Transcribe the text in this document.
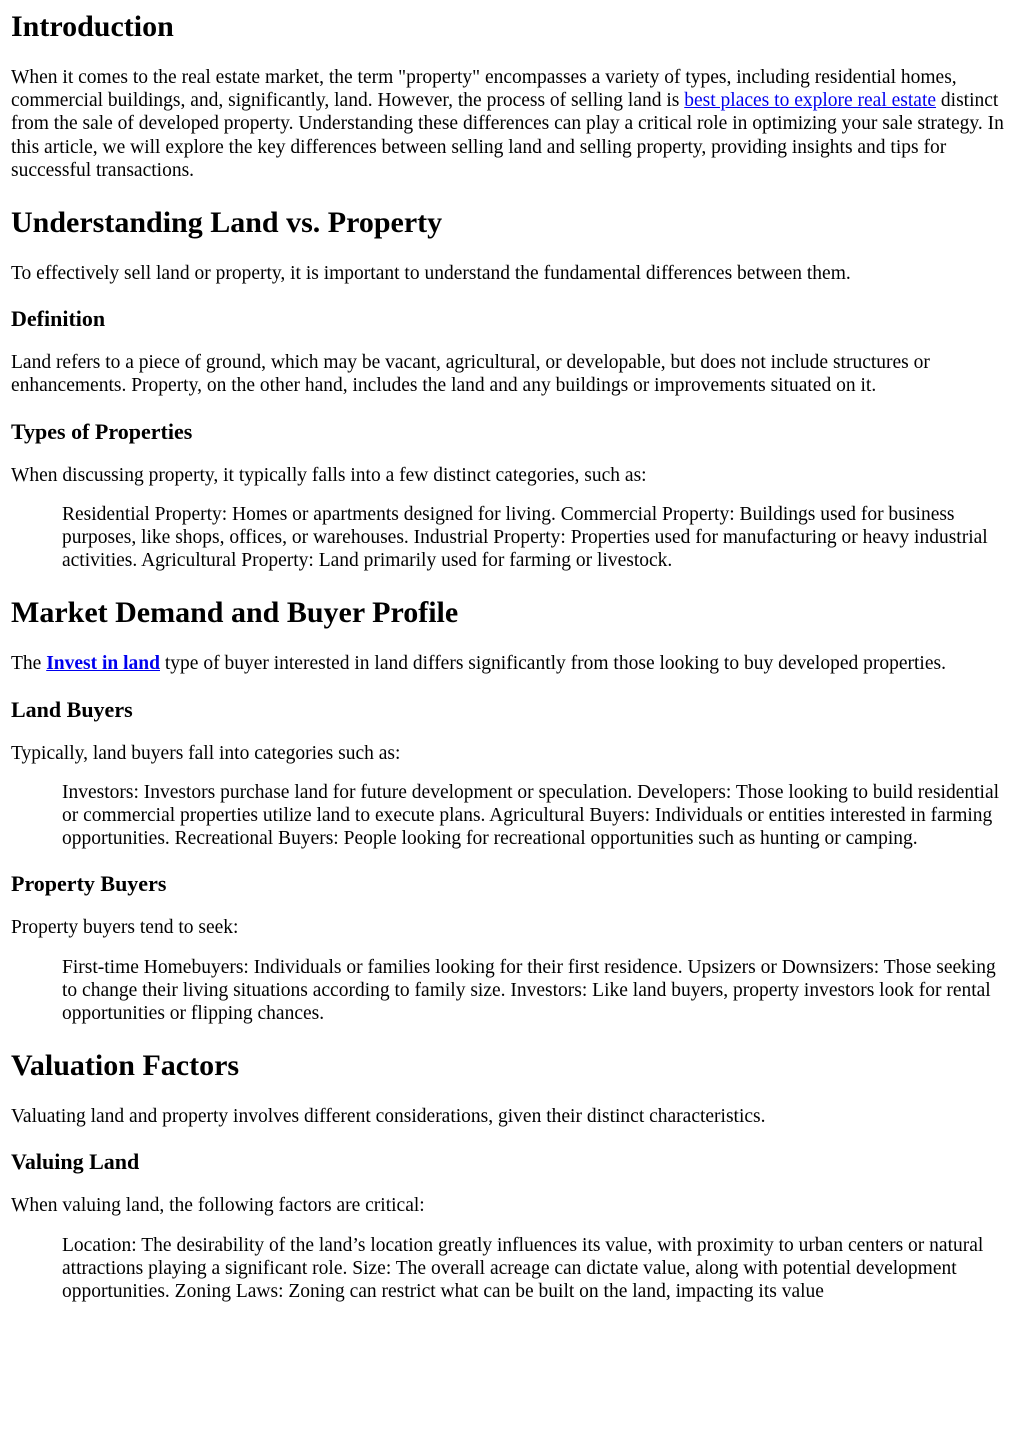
Introduction

When it comes to the real estate market, the term "property" encompasses a variety of types, including residential homes, commercial buildings, and, significantly, land. However, the process of selling land is best places to explore real estate distinct from the sale of developed property. Understanding these differences can play a critical role in optimizing your sale strategy. In this article, we will explore the key differences between selling land and selling property, providing insights and tips for successful transactions.

Understanding Land vs. Property

To effectively sell land or property, it is important to understand the fundamental differences between them.

Definition

Land refers to a piece of ground, which may be vacant, agricultural, or developable, but does not include structures or enhancements. Property, on the other hand, includes the land and any buildings or improvements situated on it.

Types of Properties

When discussing property, it typically falls into a few distinct categories, such as:

Residential Property: Homes or apartments designed for living. Commercial Property: Buildings used for business purposes, like shops, offices, or warehouses. Industrial Property: Properties used for manufacturing or heavy industrial activities. Agricultural Property: Land primarily used for farming or livestock.
Market Demand and Buyer Profile

The Invest in land type of buyer interested in land differs significantly from those looking to buy developed properties.

Land Buyers

Typically, land buyers fall into categories such as:

Investors: Investors purchase land for future development or speculation. Developers: Those looking to build residential or commercial properties utilize land to execute plans. Agricultural Buyers: Individuals or entities interested in farming opportunities. Recreational Buyers: People looking for recreational opportunities such as hunting or camping.
Property Buyers

Property buyers tend to seek:

First-time Homebuyers: Individuals or families looking for their first residence. Upsizers or Downsizers: Those seeking to change their living situations according to family size. Investors: Like land buyers, property investors look for rental opportunities or flipping chances.
Valuation Factors

Valuating land and property involves different considerations, given their distinct characteristics.

Valuing Land

When valuing land, the following factors are critical:

Location: The desirability of the land’s location greatly influences its value, with proximity to urban centers or natural attractions playing a significant role. Size: The overall acreage can dictate value, along with potential development opportunities. Zoning Laws: Zoning can restrict what can be built on the land, impacting its value
